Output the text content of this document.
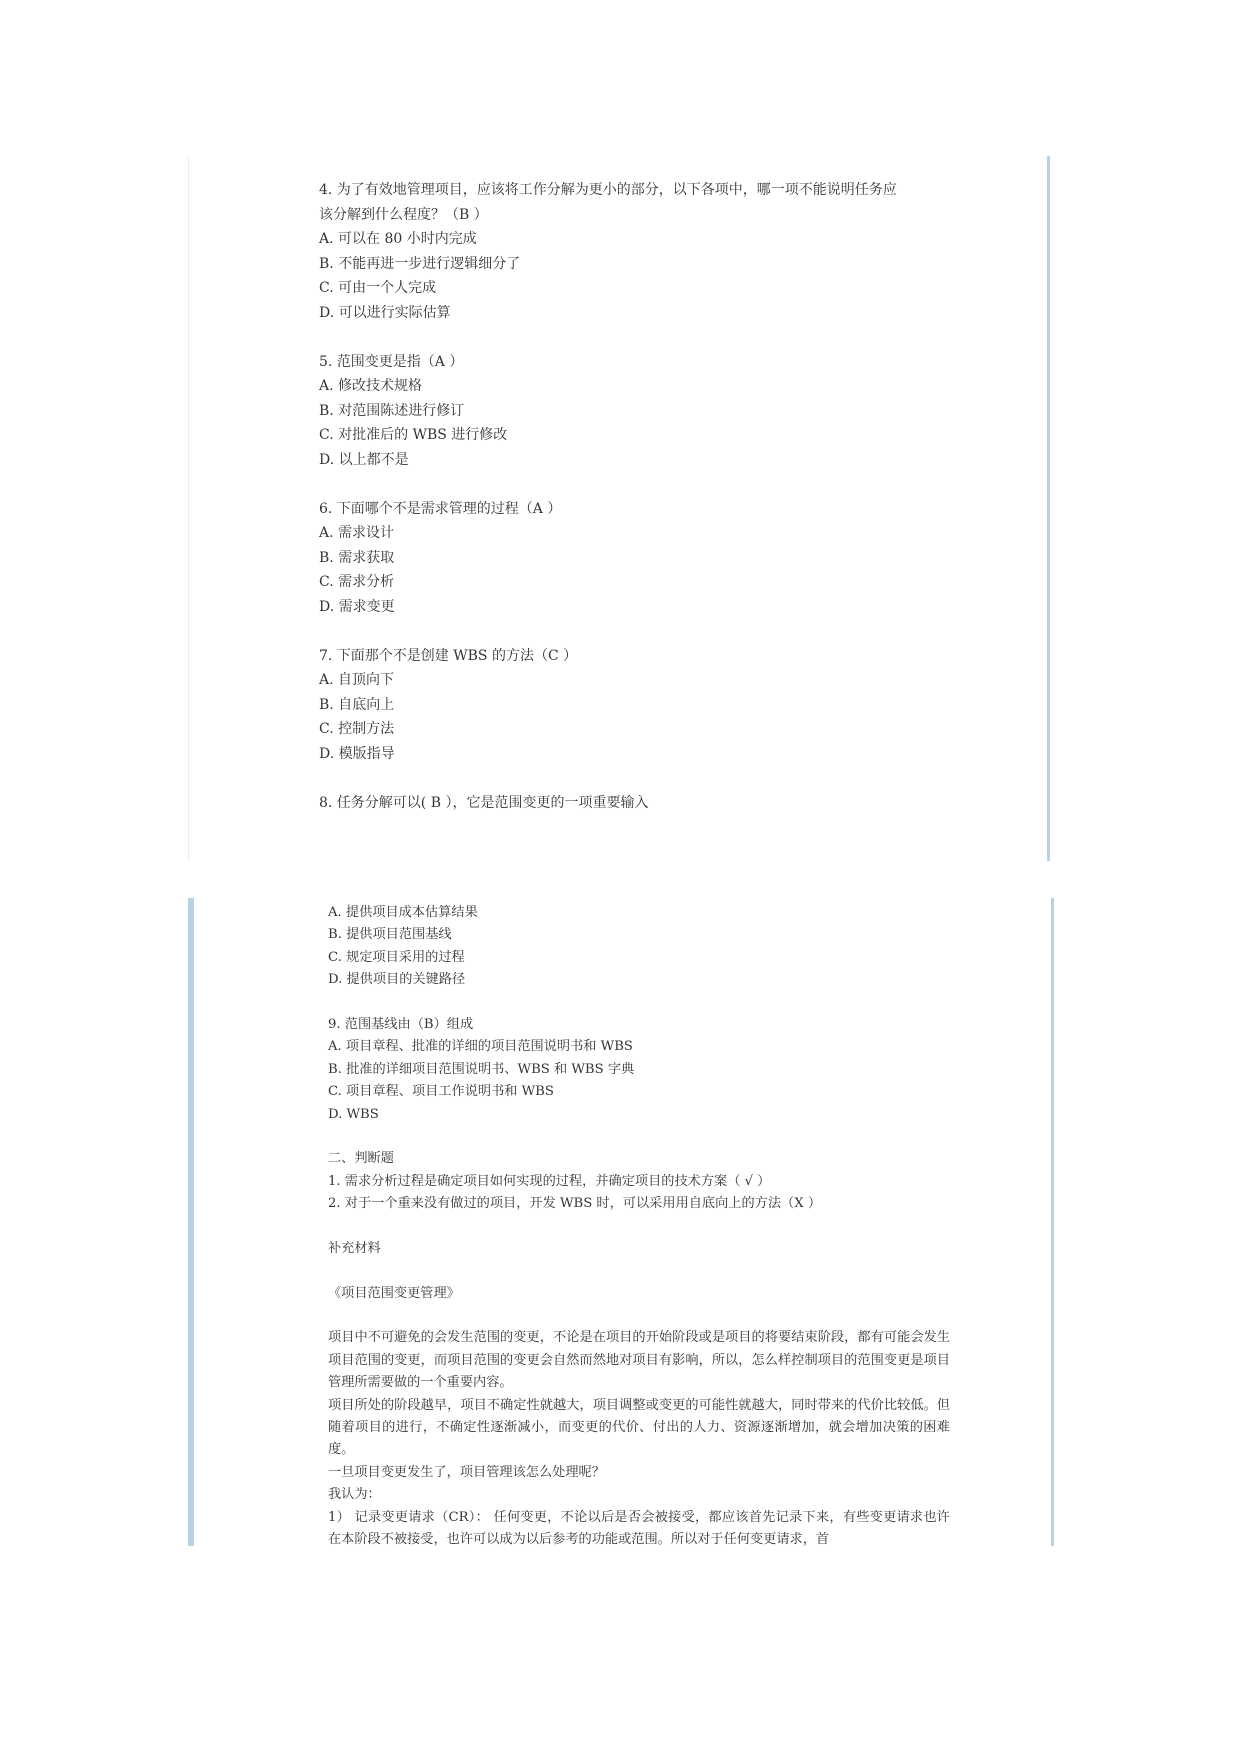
4. 为了有效地管理项目，应该将工作分解为更小的部分，以下各项中，哪一项不能说明任务应
该分解到什么程度？（B ）
A. 可以在 80 小时内完成
B. 不能再进一步进行逻辑细分了
C. 可由一个人完成
D. 可以进行实际估算
5. 范围变更是指（A ）
A. 修改技术规格
B. 对范围陈述进行修订
C. 对批准后的 WBS 进行修改
D. 以上都不是
6. 下面哪个不是需求管理的过程（A ）
A. 需求设计
B. 需求获取
C. 需求分析
D. 需求变更
7. 下面那个不是创建 WBS 的方法（C ）
A. 自顶向下
B. 自底向上
C. 控制方法
D. 模版指导
8. 任务分解可以( B ），它是范围变更的一项重要输入
A. 提供项目成本估算结果
B. 提供项目范围基线
C. 规定项目采用的过程
D. 提供项目的关键路径
9. 范围基线由（B）组成
A. 项目章程、批准的详细的项目范围说明书和 WBS
B. 批准的详细项目范围说明书、WBS 和 WBS 字典
C. 项目章程、项目工作说明书和 WBS
D. WBS
二、判断题
1. 需求分析过程是确定项目如何实现的过程，并确定项目的技术方案（ √ ）
2. 对于一个重来没有做过的项目，开发 WBS 时，可以采用用自底向上的方法（X ）
补充材料
《项目范围变更管理》
项目中不可避免的会发生范围的变更，不论是在项目的开始阶段或是项目的将要结束阶段，都有可能会发生项目范围的变更，而项目范围的变更会自然而然地对项目有影响，所以，怎么样控制项目的范围变更是项目管理所需要做的一个重要内容。
项目所处的阶段越早，项目不确定性就越大，项目调整或变更的可能性就越大，同时带来的代价比较低。但随着项目的进行，不确定性逐渐减小，而变更的代价、付出的人力、资源逐渐增加，就会增加决策的困难度。
一旦项目变更发生了，项目管理该怎么处理呢？
我认为：
1） 记录变更请求（CR）： 任何变更，不论以后是否会被接受，都应该首先记录下来，有些变更请求也许在本阶段不被接受，也许可以成为以后参考的功能或范围。所以对于任何变更请求，首
